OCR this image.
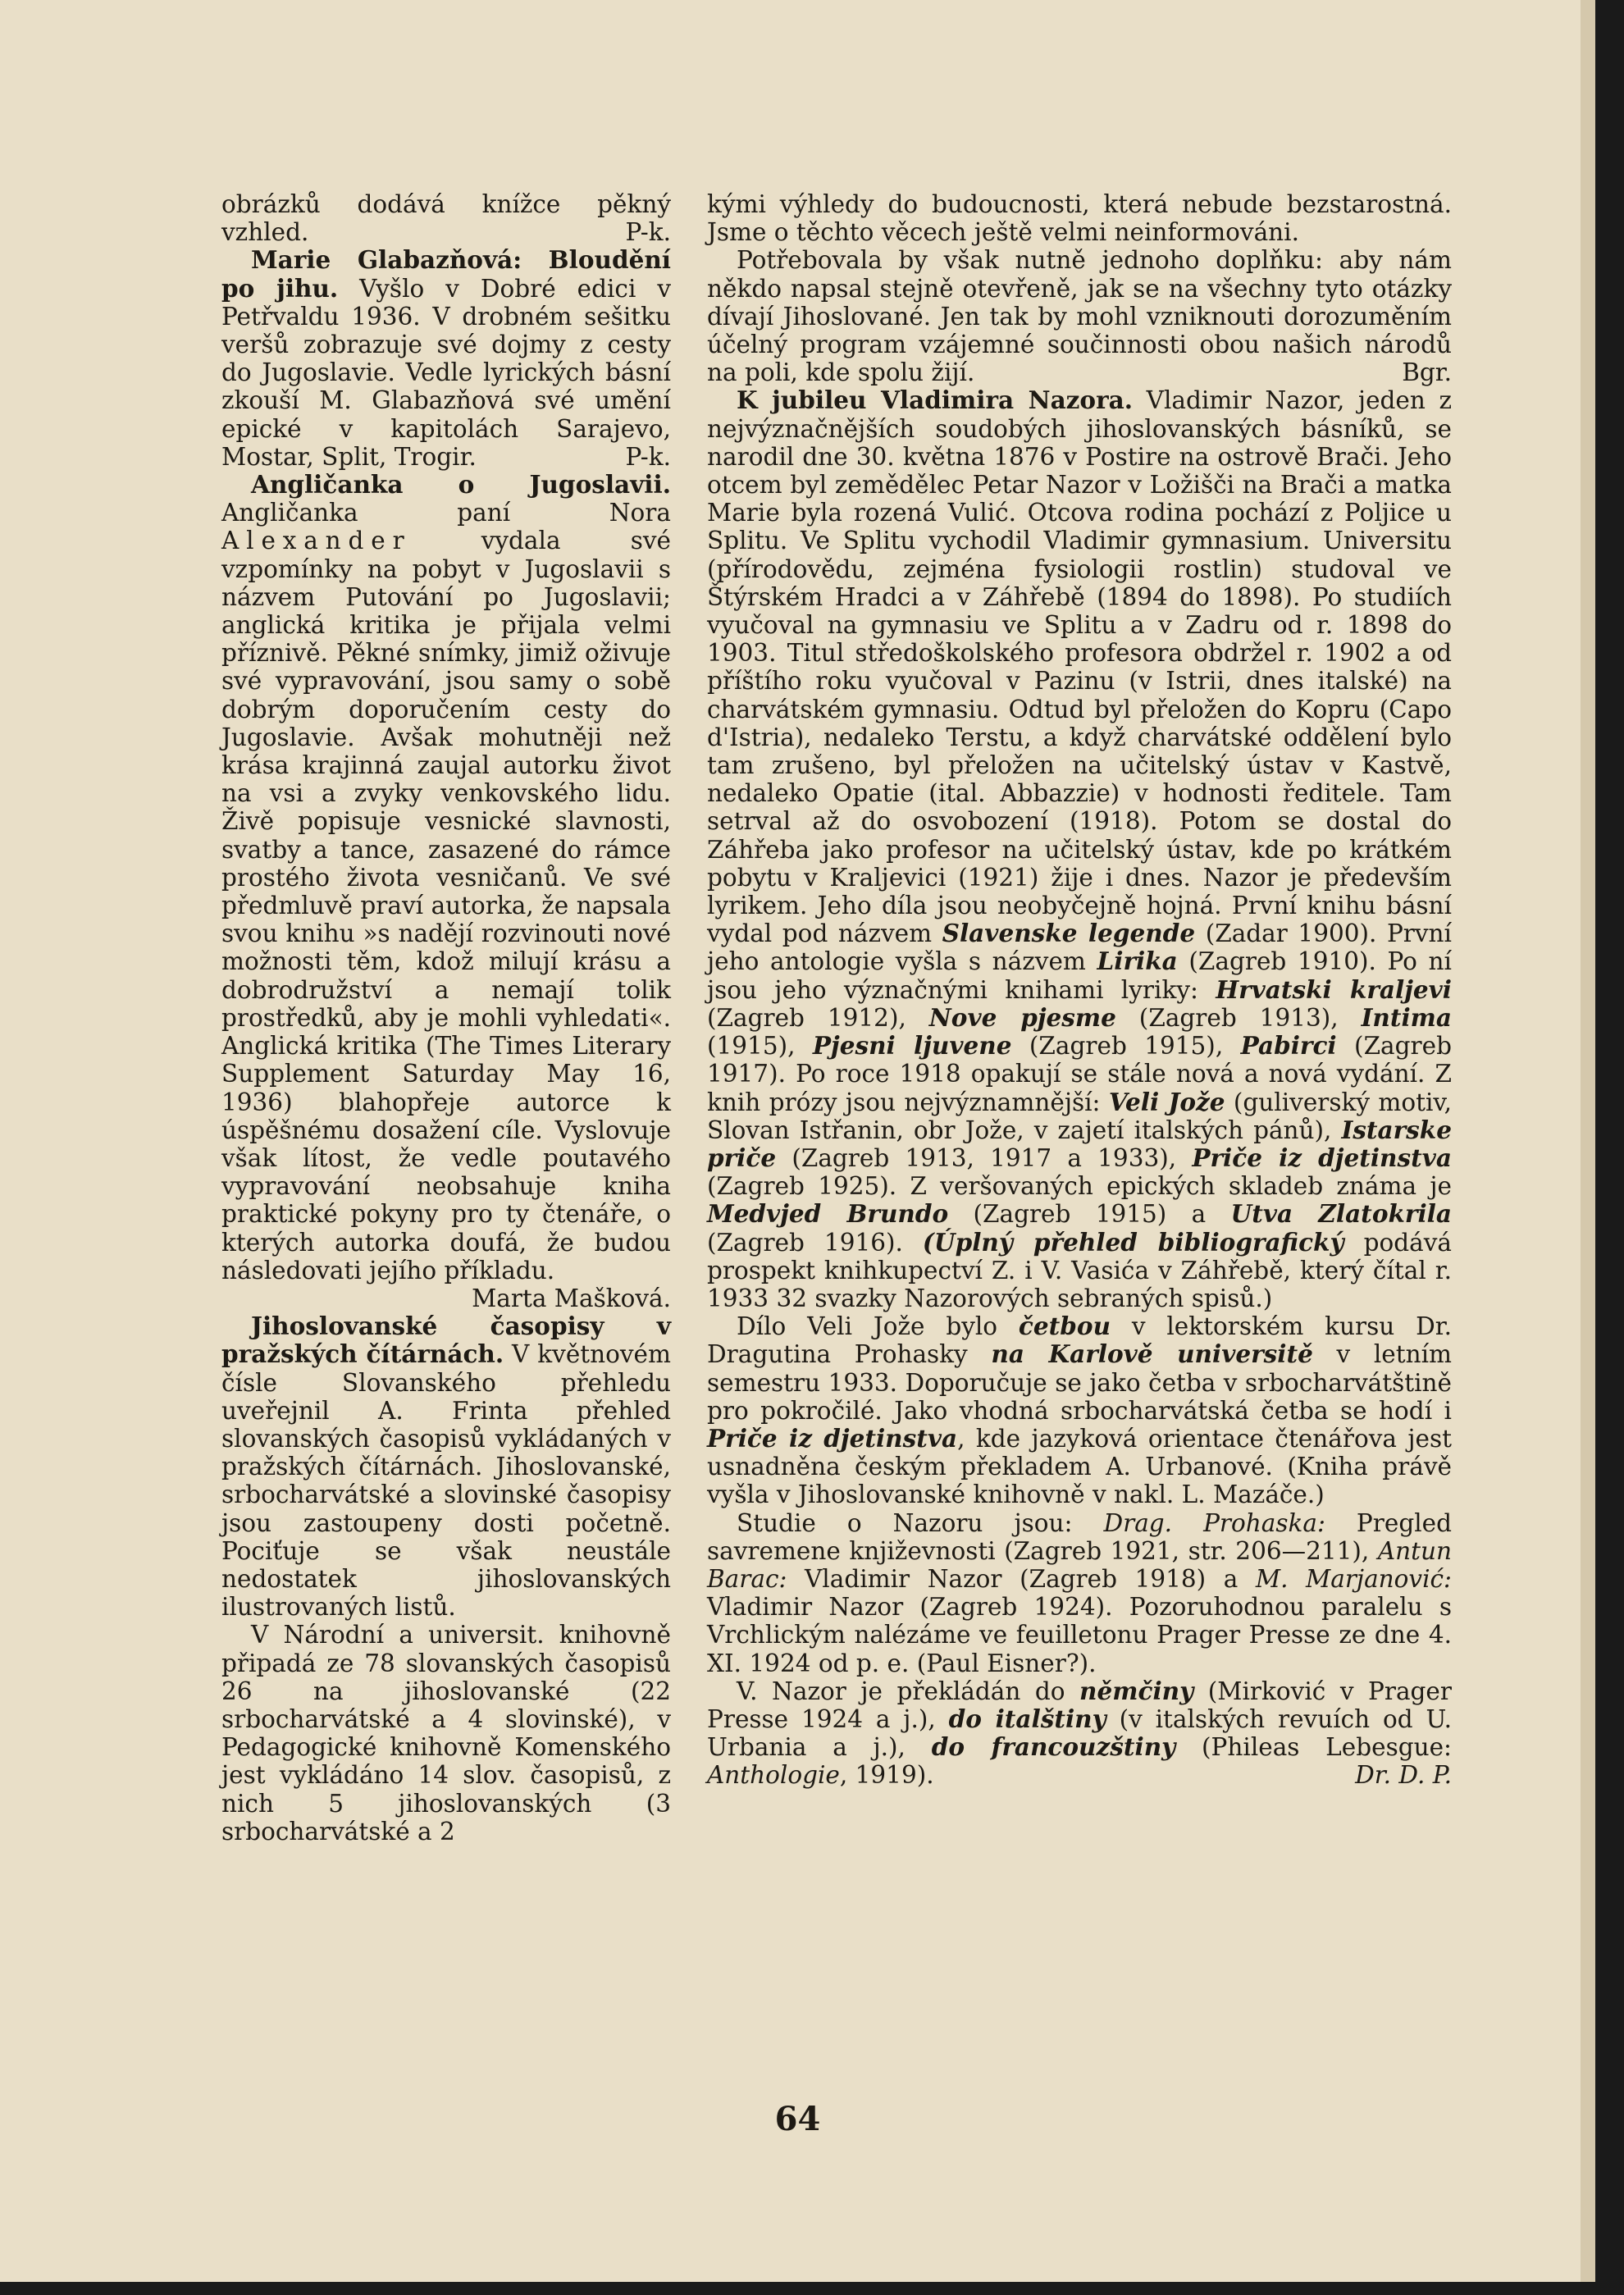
obrázků dodává knížce pěkný vzhled.	P-k.

Marie Glabazňová: Bloudění po jihu. Vyšlo v Dobré edici v Petřvaldu 1936. V drobném sešitku veršů zobrazuje své dojmy z cesty do Jugoslavie. Vedle lyrických básní zkouší M. Glabazňová své umění epické v kapitolách Sarajevo, Mostar, Split, Trogir.	P-k.

Angličanka o Jugoslavii. Angličanka paní Nora Alexander vydala své vzpomínky na pobyt v Jugoslavii s názvem Putování po Jugoslavii; anglická kritika je přijala velmi příznivě. Pěkné snímky, jimiž oživuje své vypravování, jsou samy o sobě dobrým doporučením cesty do Jugoslavie. Avšak mohutněji než krása krajinná zaujal autorku život na vsi a zvyky venkovského lidu. Živě popisuje vesnické slavnosti, svatby a tance, zasazené do rámce prostého života vesničanů. Ve své předmluvě praví autorka, že napsala svou knihu »s nadějí rozvinouti nové možnosti těm, kdož milují krásu a dobrodružství a nemají tolik prostředků, aby je mohli vyhledati«. Anglická kritika (The Times Literary Supplement Saturday May 16, 1936) blahopřeje autorce k úspěšnému dosažení cíle. Vyslovuje však lítost, že vedle poutavého vypravování neobsahuje kniha praktické pokyny pro ty čtenáře, o kterých autorka doufá, že budou následovati jejího příkladu.
Marta Mašková.

Jihoslovanské časopisy v pražských čítárnách. V květnovém čísle Slovanského přehledu uveřejnil A. Frinta přehled slovanských časopisů vykládaných v pražských čítárnách. Jihoslovanské, srbocharvátské a slovinské časopisy jsou zastoupeny dosti početně. Pociťuje se však neustále nedostatek jihoslovanských ilustrovaných listů.

V Národní a universit. knihovně připadá ze 78 slovanských časopisů 26 na jihoslovanské (22 srbocharvátské a 4 slovinské), v Pedagogické knihovně Komenského jest vykládáno 14 slov. časopisů, z nich 5 jihoslovanských (3 srbocharvátské a 2

kými výhledy do budoucnosti, která nebude bezstarostná. Jsme o těchto věcech ještě velmi neinformováni.

Potřebovala by však nutně jednoho doplňku: aby nám někdo napsal stejně otevřeně, jak se na všechny tyto otázky dívají Jihoslované. Jen tak by mohl vzniknouti dorozuměním účelný program vzájemné součinnosti obou našich národů na poli, kde spolu žijí.	Bgr.

K jubileu Vladimira Nazora. Vladimir Nazor, jeden z nejvýznačnějších soudobých jihoslovanských básníků, se narodil dne 30. května 1876 v Postire na ostrově Brači. Jeho otcem byl zemědělec Petar Nazor v Ložišči na Brači a matka Marie byla rozená Vulić. Otcova rodina pochází z Poljice u Splitu. Ve Splitu vychodil Vladimir gymnasium. Universitu (přírodovědu, zejména fysiologii rostlin) studoval ve Štýrském Hradci a v Záhřebě (1894 do 1898). Po studiích vyučoval na gymnasiu ve Splitu a v Zadru od r. 1898 do 1903. Titul středoškolského profesora obdržel r. 1902 a od příštího roku vyučoval v Pazinu (v Istrii, dnes italské) na charvátském gymnasiu. Odtud byl přeložen do Kopru (Capo d'Istria), nedaleko Terstu, a když charvátské oddělení bylo tam zrušeno, byl přeložen na učitelský ústav v Kastvě, nedaleko Opatie (ital. Abbazzie) v hodnosti ředitele. Tam setrval až do osvobození (1918). Potom se dostal do Záhřeba jako profesor na učitelský ústav, kde po krátkém pobytu v Kraljevici (1921) žije i dnes. Nazor je především lyrikem. Jeho díla jsou neobyčejně hojná. První knihu básní vydal pod názvem Slavenske legende (Zadar 1900). První jeho antologie vyšla s názvem Lirika (Zagreb 1910). Po ní jsou jeho význačnými knihami lyriky: Hrvatski kraljevi (Zagreb 1912), Nove pjesme (Zagreb 1913), Intima (1915), Pjesni ljuvene (Zagreb 1915), Pabirci (Zagreb 1917). Po roce 1918 opakují se stále nová a nová vydání. Z knih prózy jsou nejvýznamnější: Veli Jože (guliverský motiv, Slovan Istřanin, obr Jože, v zajetí italských pánů), Istarske priče (Zagreb 1913, 1917 a 1933), Priče iz djetinstva (Zagreb 1925). Z veršovaných epických skladeb známa je Medvjed Brundo (Zagreb 1915) a Utva Zlatokrila (Zagreb 1916). (Úplný přehled bibliografický podává prospekt knihkupectví Z. i V. Vasića v Záhřebě, který čítal r. 1933 32 svazky Nazorových sebraných spisů.)

Dílo Veli Jože bylo četbou v lektorském kursu Dr. Dragutina Prohasky na Karlově universitě v letním semestru 1933. Doporučuje se jako četba v srbocharvátštině pro pokročilé. Jako vhodná srbocharvátská četba se hodí i Priče iz djetinstva, kde jazyková orientace čtenářova jest usnadněna českým překladem A. Urbanové. (Kniha právě vyšla v Jihoslovanské knihovně v nakl. L. Mazáče.)

Studie o Nazoru jsou: Drag. Prohaska: Pregled savremene književnosti (Zagreb 1921, str. 206—211), Antun Barac: Vladimir Nazor (Zagreb 1918) a M. Marjanović: Vladimir Nazor (Zagreb 1924). Pozoruhodnou paralelu s Vrchlickým nalézáme ve feuilletonu Prager Presse ze dne 4. XI. 1924 od p. e. (Paul Eisner?).

V. Nazor je překládán do němčiny (Mirković v Prager Presse 1924 a j.), do italštiny (v italských revuích od U. Urbania a j.), do francouzštiny (Phileas Lebesgue: Anthologie, 1919).	Dr. D. P.

64
